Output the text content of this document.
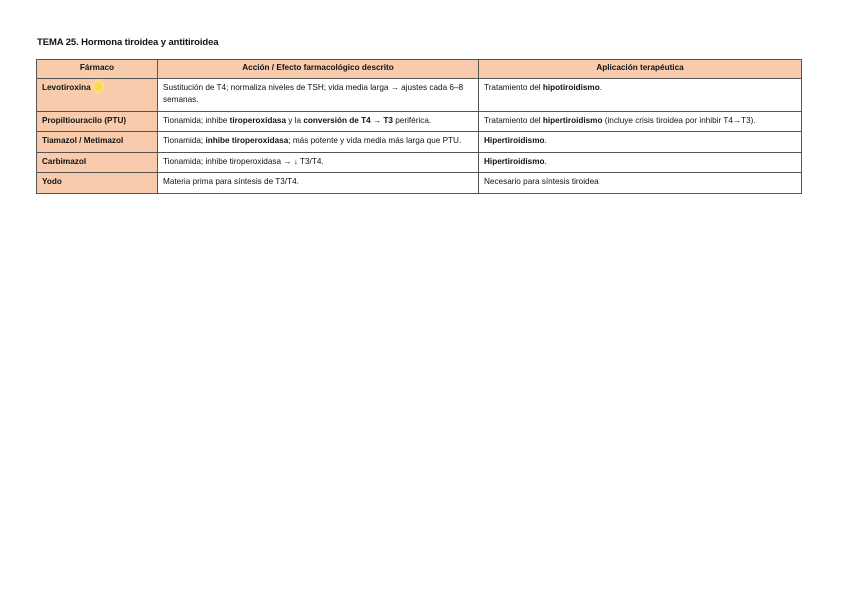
TEMA 25. Hormona tiroidea y antitiroidea
Fármaco	Acción / Efecto farmacológico descrito	Aplicación terapéutica
Levotiroxina	Sustitución de T4; normaliza niveles de TSH; vida media larga → ajustes cada 6–8 semanas.	Tratamiento del hipotiroidismo.
Propiltiouracilo (PTU)	Tionamida; inhibe tiroperoxidasa y la conversión de T4 → T3 periférica.	Tratamiento del hipertiroidismo (incluye crisis tiroidea por inhibir T4→T3).
Tiamazol / Metimazol	Tionamida; inhibe tiroperoxidasa; más potente y vida media más larga que PTU.	Hipertiroidismo.
Carbimazol	Tionamida; inhibe tiroperoxidasa → ↓ T3/T4.	Hipertiroidismo.
Yodo	Materia prima para síntesis de T3/T4.	Necesario para síntesis tiroidea
